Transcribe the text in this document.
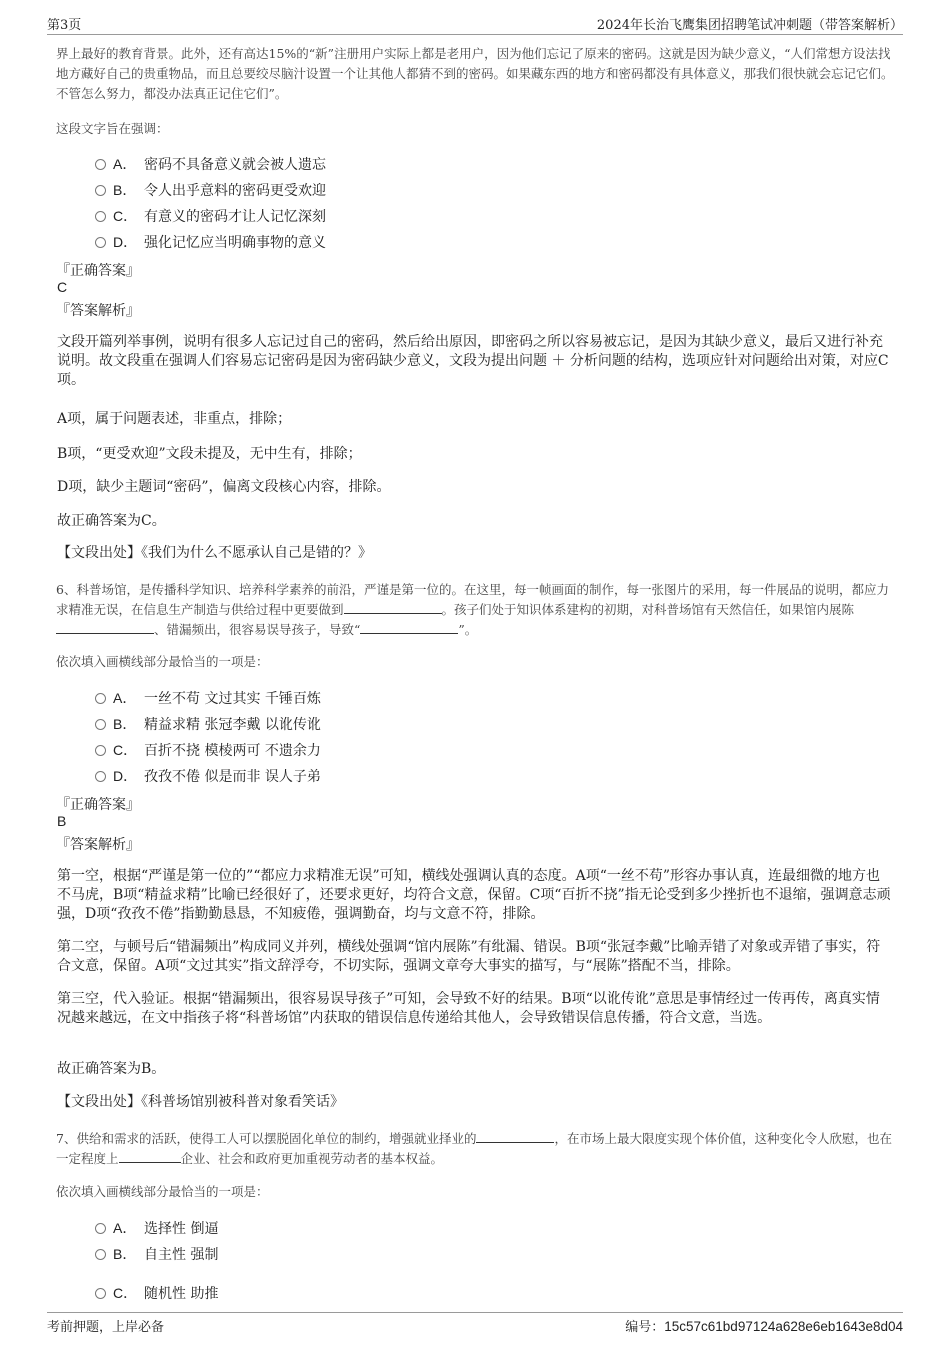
第3页	2024年长治飞鹰集团招聘笔试冲刺题（带答案解析）
界上最好的教育背景。此外，还有高达15%的“新”注册用户实际上都是老用户，因为他们忘记了原来的密码。这就是因为缺少意义，“人们常想方设法找地方藏好自己的贵重物品，而且总要绞尽脑汁设置一个让其他人都猜不到的密码。如果藏东西的地方和密码都没有具体意义，那我们很快就会忘记它们。不管怎么努力，都没办法真正记住它们”。
这段文字旨在强调：
A． 密码不具备意义就会被人遗忘
B． 令人出乎意料的密码更受欢迎
C． 有意义的密码才让人记忆深刻
D． 强化记忆应当明确事物的意义
『正确答案』
C
『答案解析』
文段开篇列举事例，说明有很多人忘记过自己的密码，然后给出原因，即密码之所以容易被忘记，是因为其缺少意义，最后又进行补充说明。故文段重在强调人们容易忘记密码是因为密码缺少意义，文段为提出问题 ＋ 分析问题的结构，选项应针对问题给出对策，对应C项。
A项，属于问题表述，非重点，排除；
B项，“更受欢迎”文段未提及，无中生有，排除；
D项，缺少主题词“密码”，偏离文段核心内容，排除。
故正确答案为C。
【文段出处】《我们为什么不愿承认自己是错的？》
6、科普场馆，是传播科学知识、培养科学素养的前沿，严谨是第一位的。在这里，每一帧画面的制作，每一张图片的采用，每一件展品的说明，都应力求精准无误，在信息生产制造与供给过程中更要做到	。孩子们处于知识体系建构的初期，对科普场馆有天然信任，如果馆内展陈、错漏频出，很容易误导孩子，导致“	”。
依次填入画横线部分最恰当的一项是：
A． 一丝不苟 文过其实 千锤百炼
B． 精益求精 张冠李戴 以讹传讹
C． 百折不挠 模棱两可 不遗余力
D． 孜孜不倦 似是而非 误人子弟
『正确答案』
B
『答案解析』
第一空，根据“严谨是第一位的”“都应力求精准无误”可知，横线处强调认真的态度。A项“一丝不苟”形容办事认真，连最细微的地方也不马虎，B项“精益求精”比喻已经很好了，还要求更好，均符合文意，保留。C项“百折不挠”指无论受到多少挫折也不退缩，强调意志顽强，D项“孜孜不倦”指勤勤恳恳，不知疲倦，强调勤奋，均与文意不符，排除。
第二空，与顿号后“错漏频出”构成同义并列，横线处强调“馆内展陈”有纰漏、错误。B项“张冠李戴”比喻弄错了对象或弄错了事实，符合文意，保留。A项“文过其实”指文辞浮夸，不切实际，强调文章夸大事实的描写，与“展陈”搭配不当，排除。
第三空，代入验证。根据“错漏频出，很容易误导孩子”可知，会导致不好的结果。B项“以讹传讹”意思是事情经过一传再传，离真实情况越来越远，在文中指孩子将“科普场馆”内获取的错误信息传递给其他人，会导致错误信息传播，符合文意，当选。
故正确答案为B。
【文段出处】《科普场馆别被科普对象看笑话》
7、供给和需求的活跃，使得工人可以摆脱固化单位的制约，增强就业择业的	，在市场上最大限度实现个体价值，这种变化令人欣慰，也在一定程度上	企业、社会和政府更加重视劳动者的基本权益。
依次填入画横线部分最恰当的一项是：
A． 选择性 倒逼
B． 自主性 强制
C． 随机性 助推
考前押题，上岸必备	编号：15c57c61bd97124a628e6eb1643e8d04
